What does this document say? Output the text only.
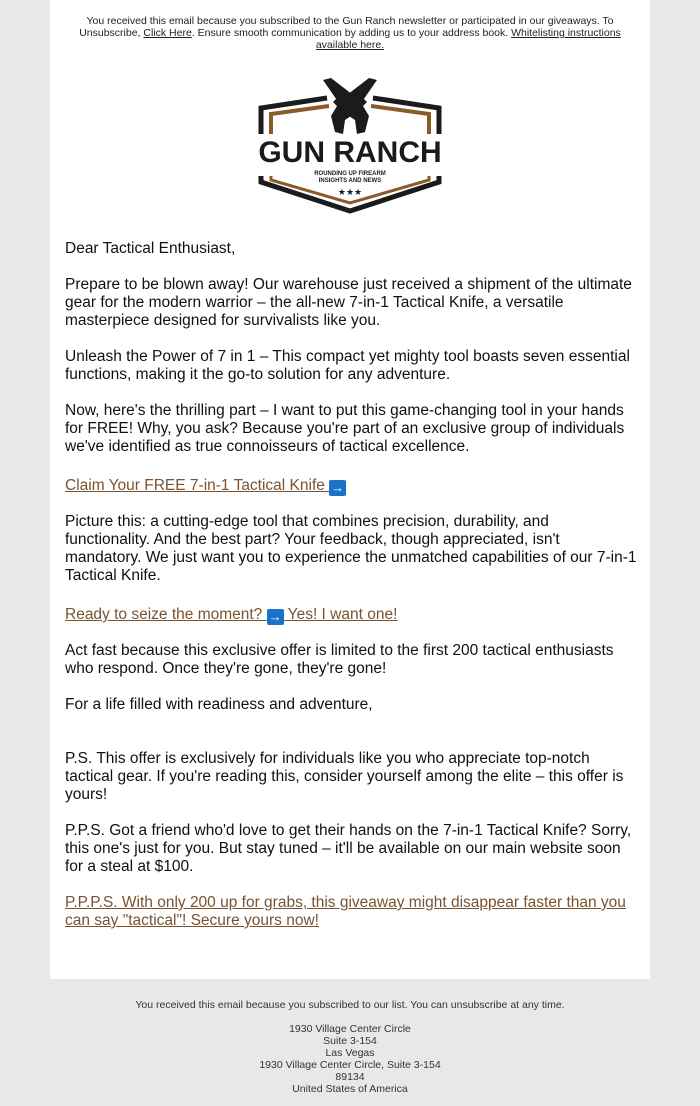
You received this email because you subscribed to the Gun Ranch newsletter or participated in our giveaways. To Unsubscribe, Click Here. Ensure smooth communication by adding us to your address book. Whitelisting instructions available here.
GUN RANCH
ROUNDING UP FIREARM
INSIGHTS AND NEWS
★★★

Dear Tactical Enthusiast,

Prepare to be blown away! Our warehouse just received a shipment of the ultimate gear for the modern warrior – the all-new 7-in-1 Tactical Knife, a versatile masterpiece designed for survivalists like you.

Unleash the Power of 7 in 1 – This compact yet mighty tool boasts seven essential functions, making it the go-to solution for any adventure.

Now, here's the thrilling part – I want to put this game-changing tool in your hands for FREE! Why, you ask? Because you're part of an exclusive group of individuals we've identified as true connoisseurs of tactical excellence.

Claim Your FREE 7-in-1 Tactical Knife →

Picture this: a cutting-edge tool that combines precision, durability, and functionality. And the best part? Your feedback, though appreciated, isn't mandatory. We just want you to experience the unmatched capabilities of our 7-in-1 Tactical Knife.

Ready to seize the moment? → Yes! I want one!

Act fast because this exclusive offer is limited to the first 200 tactical enthusiasts who respond. Once they're gone, they're gone!

For a life filled with readiness and adventure,

P.S. This offer is exclusively for individuals like you who appreciate top-notch tactical gear. If you're reading this, consider yourself among the elite – this offer is yours!

P.P.S. Got a friend who'd love to get their hands on the 7-in-1 Tactical Knife? Sorry, this one's just for you. But stay tuned – it'll be available on our main website soon for a steal at $100.

P.P.P.S. With only 200 up for grabs, this giveaway might disappear faster than you can say "tactical"! Secure yours now!
You received this email because you subscribed to our list. You can unsubscribe at any time.
1930 Village Center Circle
Suite 3-154
Las Vegas
1930 Village Center Circle, Suite 3-154
89134
United States of America
